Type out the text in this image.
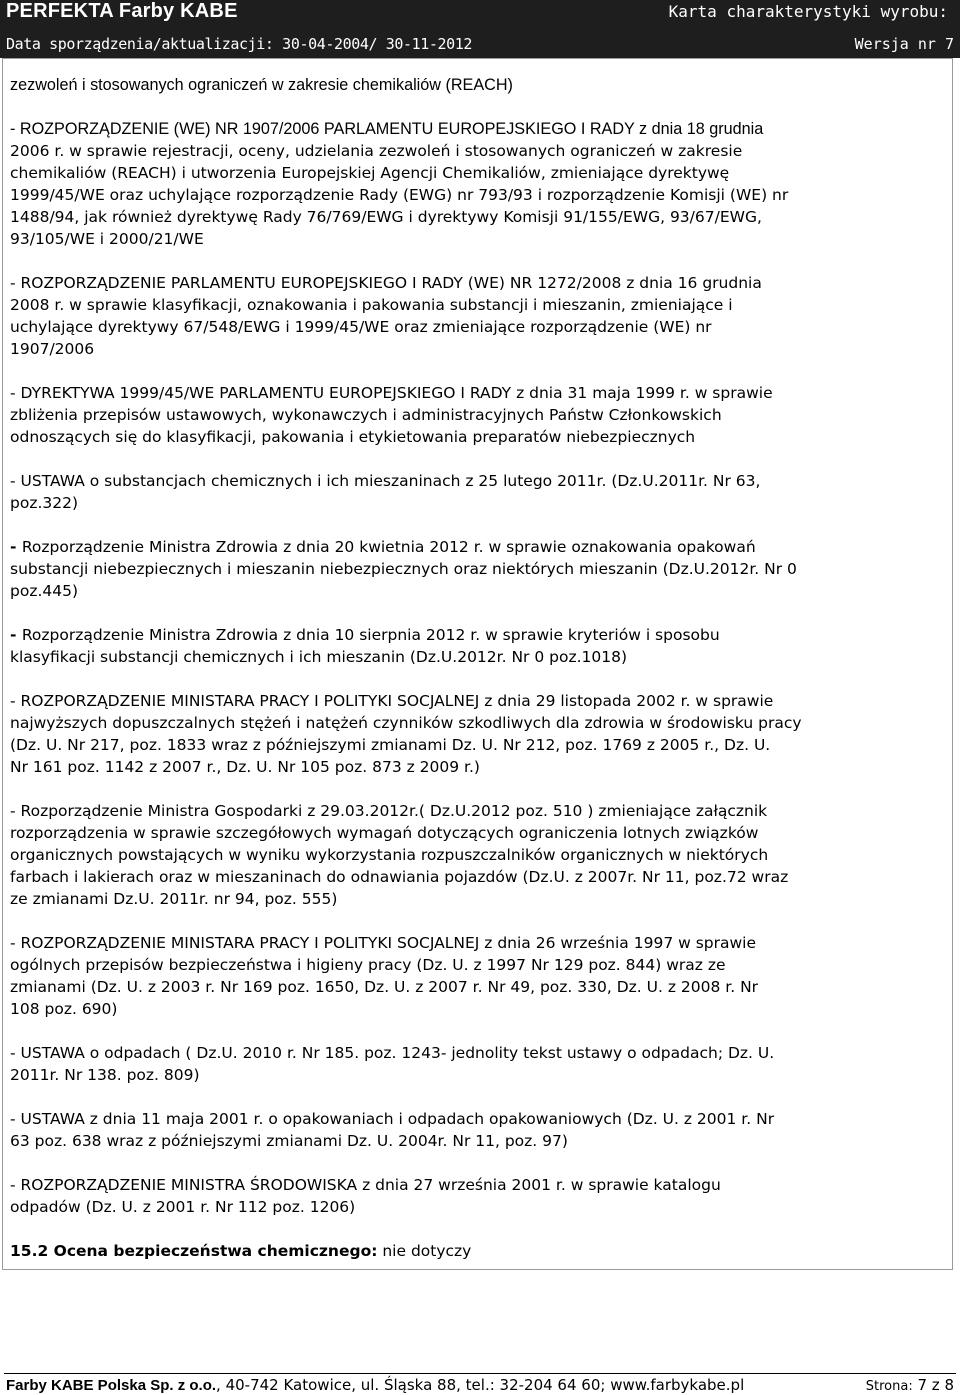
PERFEKTA Farby KABE	Karta charakterystyki wyrobu:
Data sporządzenia/aktualizacji: 30-04-2004/ 30-11-2012	Wersja nr 7
zezwoleń i stosowanych ograniczeń w zakresie chemikaliów (REACH)
- ROZPORZĄDZENIE (WE) NR 1907/2006 PARLAMENTU EUROPEJSKIEGO I RADY z dnia 18 grudnia
2006 r. w sprawie rejestracji, oceny, udzielania zezwoleń i stosowanych ograniczeń w zakresie
chemikaliów (REACH) i utworzenia Europejskiej Agencji Chemikaliów, zmieniające dyrektywę
1999/45/WE oraz uchylające rozporządzenie Rady (EWG) nr 793/93 i rozporządzenie Komisji (WE) nr
1488/94, jak również dyrektywę Rady 76/769/EWG i dyrektywy Komisji 91/155/EWG, 93/67/EWG,
93/105/WE i 2000/21/WE
- ROZPORZĄDZENIE PARLAMENTU EUROPEJSKIEGO I RADY (WE) NR 1272/2008 z dnia 16 grudnia
2008 r. w sprawie klasyfikacji, oznakowania i pakowania substancji i mieszanin, zmieniające i
uchylające dyrektywy 67/548/EWG i 1999/45/WE oraz zmieniające rozporządzenie (WE) nr
1907/2006
- DYREKTYWA 1999/45/WE PARLAMENTU EUROPEJSKIEGO I RADY z dnia 31 maja 1999 r. w sprawie
zbliżenia przepisów ustawowych, wykonawczych i administracyjnych Państw Członkowskich
odnoszących się do klasyfikacji, pakowania i etykietowania preparatów niebezpiecznych
- USTAWA o substancjach chemicznych i ich mieszaninach z 25 lutego 2011r. (Dz.U.2011r. Nr 63,
poz.322)
- Rozporządzenie Ministra Zdrowia z dnia 20 kwietnia 2012 r. w sprawie oznakowania opakowań
substancji niebezpiecznych i mieszanin niebezpiecznych oraz niektórych mieszanin (Dz.U.2012r. Nr 0
poz.445)
- Rozporządzenie Ministra Zdrowia z dnia 10 sierpnia 2012 r. w sprawie kryteriów i sposobu
klasyfikacji substancji chemicznych i ich mieszanin (Dz.U.2012r. Nr 0 poz.1018)
- ROZPORZĄDZENIE MINISTARA PRACY I POLITYKI SOCJALNEJ z dnia 29 listopada 2002 r. w sprawie
najwyższych dopuszczalnych stężeń i natężeń czynników szkodliwych dla zdrowia w środowisku pracy
(Dz. U. Nr 217, poz. 1833 wraz z późniejszymi zmianami Dz. U. Nr 212, poz. 1769 z 2005 r., Dz. U.
Nr 161 poz. 1142 z 2007 r., Dz. U. Nr 105 poz. 873 z 2009 r.)
- Rozporządzenie Ministra Gospodarki z 29.03.2012r.( Dz.U.2012 poz. 510 ) zmieniające załącznik
rozporządzenia w sprawie szczegółowych wymagań dotyczących ograniczenia lotnych związków
organicznych powstających w wyniku wykorzystania rozpuszczalników organicznych w niektórych
farbach i lakierach oraz w mieszaninach do odnawiania pojazdów (Dz.U. z 2007r. Nr 11, poz.72 wraz
ze zmianami Dz.U. 2011r. nr 94, poz. 555)
- ROZPORZĄDZENIE MINISTARA PRACY I POLITYKI SOCJALNEJ z dnia 26 września 1997 w sprawie
ogólnych przepisów bezpieczeństwa i higieny pracy (Dz. U. z 1997 Nr 129 poz. 844) wraz ze
zmianami (Dz. U. z 2003 r. Nr 169 poz. 1650, Dz. U. z 2007 r. Nr 49, poz. 330, Dz. U. z 2008 r. Nr
108 poz. 690)
- USTAWA o odpadach ( Dz.U. 2010 r. Nr 185. poz. 1243- jednolity tekst ustawy o odpadach; Dz. U.
2011r. Nr 138. poz. 809)
- USTAWA z dnia 11 maja 2001 r. o opakowaniach i odpadach opakowaniowych (Dz. U. z 2001 r. Nr
63 poz. 638 wraz z późniejszymi zmianami Dz. U. 2004r. Nr 11, poz. 97)
- ROZPORZĄDZENIE MINISTRA ŚRODOWISKA z dnia 27 września 2001 r. w sprawie katalogu
odpadów (Dz. U. z 2001 r. Nr 112 poz. 1206)
15.2 Ocena bezpieczeństwa chemicznego: nie dotyczy
Farby KABE Polska Sp. z o.o., 40-742 Katowice, ul. Śląska 88, tel.: 32-204 64 60; www.farbykabe.pl	Strona: 7 z 8
